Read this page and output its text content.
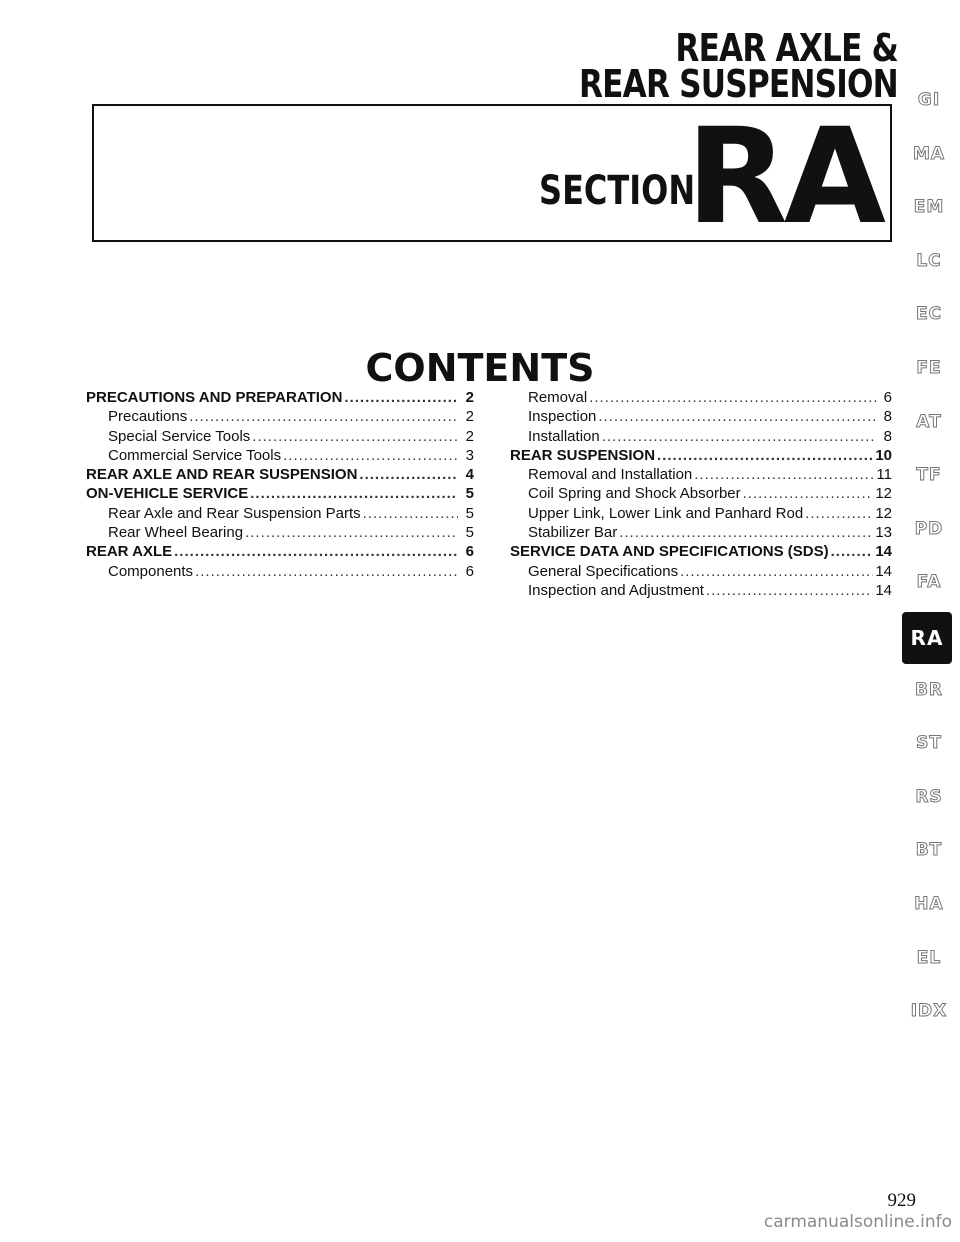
REAR AXLE &
REAR SUSPENSION
SECTION
RA
CONTENTS
PRECAUTIONS AND PREPARATION .....	2
Precautions .....	2
Special Service Tools .....	2
Commercial Service Tools .....	3
REAR AXLE AND REAR SUSPENSION .....	4
ON-VEHICLE SERVICE .....	5
Rear Axle and Rear Suspension Parts .....	5
Rear Wheel Bearing .....	5
REAR AXLE .....	6
Components .....	6
Removal .....	6
Inspection .....	8
Installation .....	8
REAR SUSPENSION .....	10
Removal and Installation .....	11
Coil Spring and Shock Absorber .....	12
Upper Link, Lower Link and Panhard Rod .....	12
Stabilizer Bar .....	13
SERVICE DATA AND SPECIFICATIONS (SDS) .....	14
General Specifications .....	14
Inspection and Adjustment .....	14
GI
MA
EM
LC
EC
FE
AT
TF
PD
FA
RA
BR
ST
RS
BT
HA
EL
IDX
929
carmanualsonline.info
